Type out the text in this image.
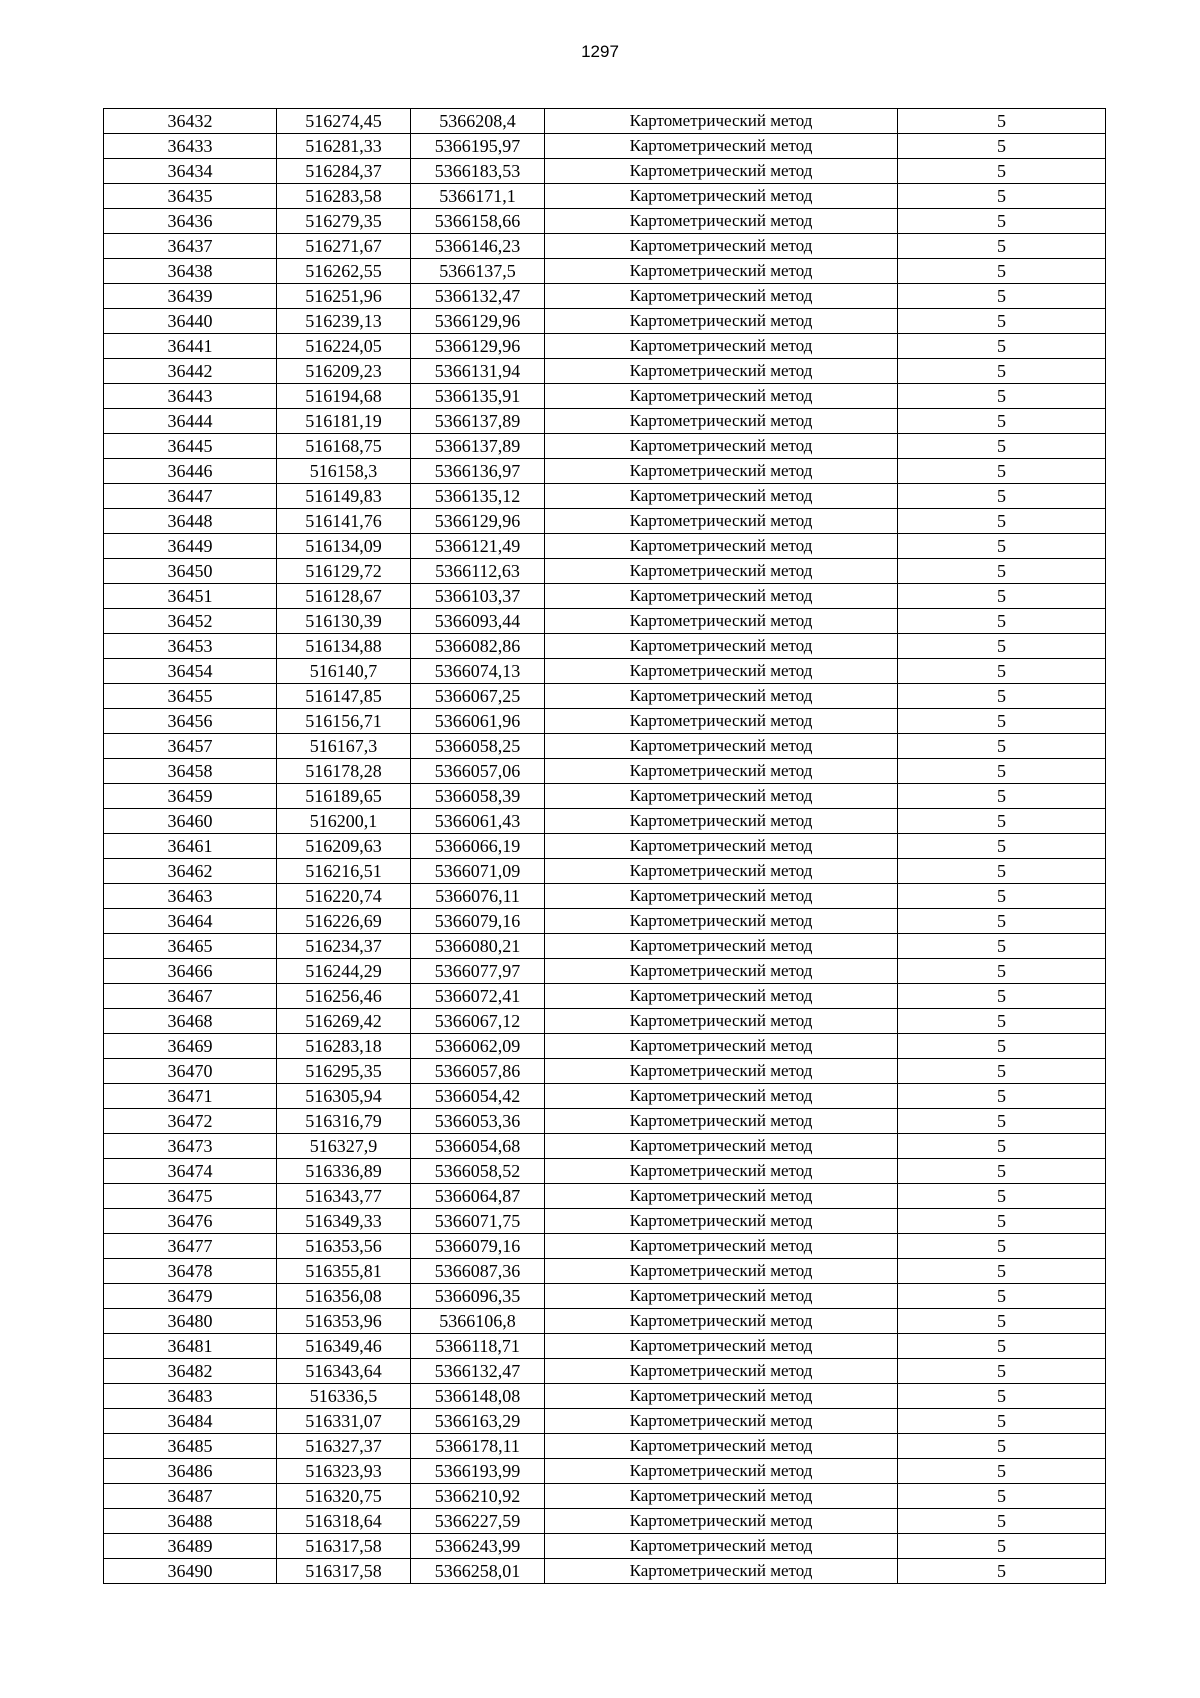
1297
36432	516274,45	5366208,4	Картометрический метод	5
36433	516281,33	5366195,97	Картометрический метод	5
36434	516284,37	5366183,53	Картометрический метод	5
36435	516283,58	5366171,1	Картометрический метод	5
36436	516279,35	5366158,66	Картометрический метод	5
36437	516271,67	5366146,23	Картометрический метод	5
36438	516262,55	5366137,5	Картометрический метод	5
36439	516251,96	5366132,47	Картометрический метод	5
36440	516239,13	5366129,96	Картометрический метод	5
36441	516224,05	5366129,96	Картометрический метод	5
36442	516209,23	5366131,94	Картометрический метод	5
36443	516194,68	5366135,91	Картометрический метод	5
36444	516181,19	5366137,89	Картометрический метод	5
36445	516168,75	5366137,89	Картометрический метод	5
36446	516158,3	5366136,97	Картометрический метод	5
36447	516149,83	5366135,12	Картометрический метод	5
36448	516141,76	5366129,96	Картометрический метод	5
36449	516134,09	5366121,49	Картометрический метод	5
36450	516129,72	5366112,63	Картометрический метод	5
36451	516128,67	5366103,37	Картометрический метод	5
36452	516130,39	5366093,44	Картометрический метод	5
36453	516134,88	5366082,86	Картометрический метод	5
36454	516140,7	5366074,13	Картометрический метод	5
36455	516147,85	5366067,25	Картометрический метод	5
36456	516156,71	5366061,96	Картометрический метод	5
36457	516167,3	5366058,25	Картометрический метод	5
36458	516178,28	5366057,06	Картометрический метод	5
36459	516189,65	5366058,39	Картометрический метод	5
36460	516200,1	5366061,43	Картометрический метод	5
36461	516209,63	5366066,19	Картометрический метод	5
36462	516216,51	5366071,09	Картометрический метод	5
36463	516220,74	5366076,11	Картометрический метод	5
36464	516226,69	5366079,16	Картометрический метод	5
36465	516234,37	5366080,21	Картометрический метод	5
36466	516244,29	5366077,97	Картометрический метод	5
36467	516256,46	5366072,41	Картометрический метод	5
36468	516269,42	5366067,12	Картометрический метод	5
36469	516283,18	5366062,09	Картометрический метод	5
36470	516295,35	5366057,86	Картометрический метод	5
36471	516305,94	5366054,42	Картометрический метод	5
36472	516316,79	5366053,36	Картометрический метод	5
36473	516327,9	5366054,68	Картометрический метод	5
36474	516336,89	5366058,52	Картометрический метод	5
36475	516343,77	5366064,87	Картометрический метод	5
36476	516349,33	5366071,75	Картометрический метод	5
36477	516353,56	5366079,16	Картометрический метод	5
36478	516355,81	5366087,36	Картометрический метод	5
36479	516356,08	5366096,35	Картометрический метод	5
36480	516353,96	5366106,8	Картометрический метод	5
36481	516349,46	5366118,71	Картометрический метод	5
36482	516343,64	5366132,47	Картометрический метод	5
36483	516336,5	5366148,08	Картометрический метод	5
36484	516331,07	5366163,29	Картометрический метод	5
36485	516327,37	5366178,11	Картометрический метод	5
36486	516323,93	5366193,99	Картометрический метод	5
36487	516320,75	5366210,92	Картометрический метод	5
36488	516318,64	5366227,59	Картометрический метод	5
36489	516317,58	5366243,99	Картометрический метод	5
36490	516317,58	5366258,01	Картометрический метод	5
